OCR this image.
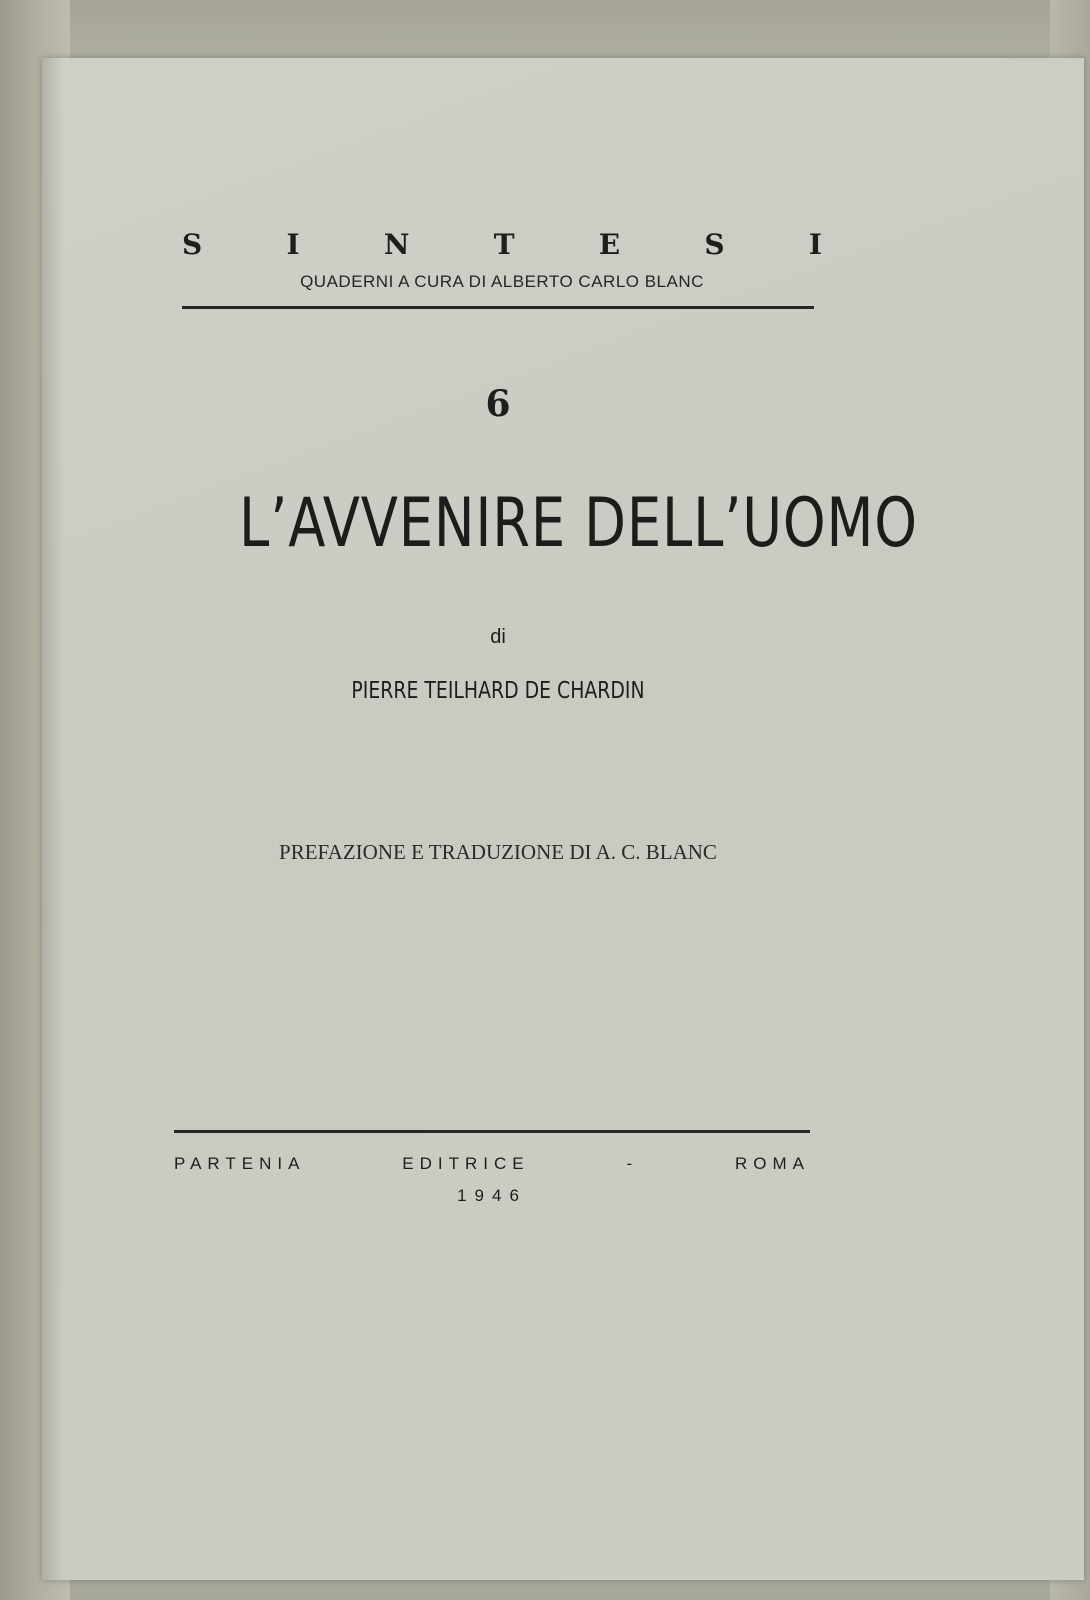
S	I	N	T	E	S	I
QUADERNI A CURA DI ALBERTO CARLO BLANC
6
L’AVVENIRE DELL’UOMO
di
PIERRE TEILHARD DE CHARDIN
PREFAZIONE E TRADUZIONE DI A. C. BLANC
PARTENIA	EDITRICE	-	ROMA
1946
